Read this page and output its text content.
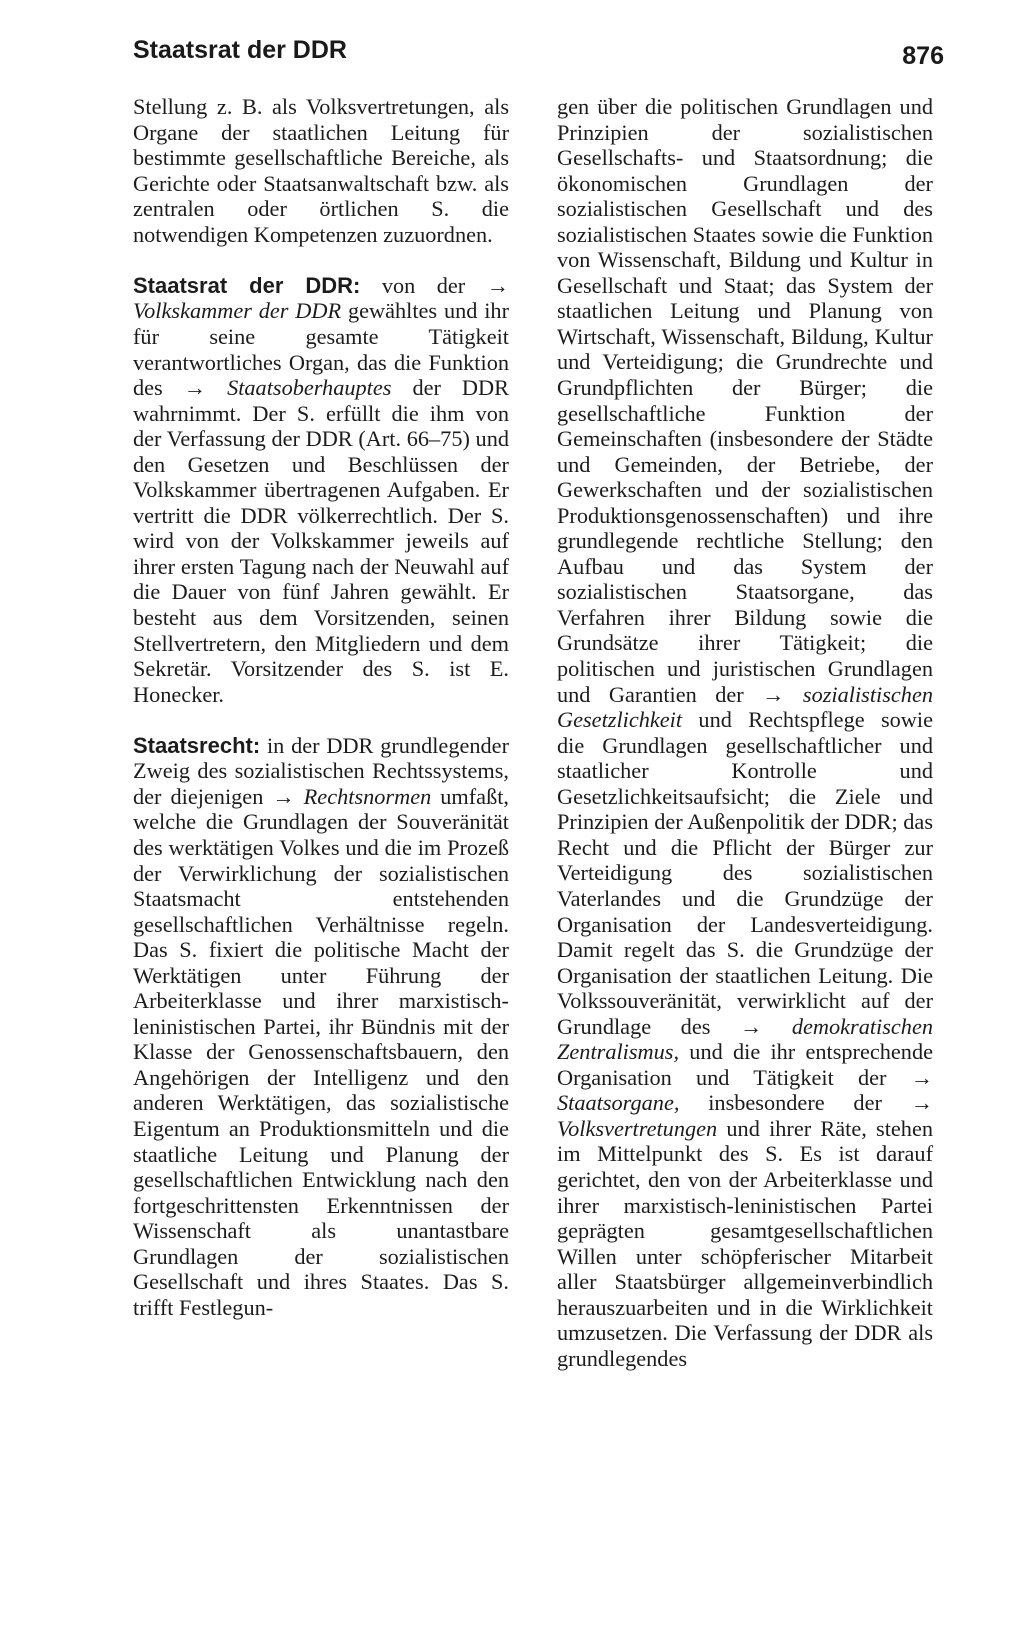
Staatsrat der DDR	876

Stellung z. B. als Volksvertretungen, als Organe der staatlichen Leitung für bestimmte gesellschaftliche Bereiche, als Gerichte oder Staatsanwaltschaft bzw. als zentralen oder örtlichen S. die notwendigen Kompetenzen zuzuordnen.

Staatsrat der DDR: von der → Volkskammer der DDR gewähltes und ihr für seine gesamte Tätigkeit verantwortliches Organ, das die Funktion des → Staatsoberhauptes der DDR wahrnimmt. Der S. erfüllt die ihm von der Verfassung der DDR (Art. 66–75) und den Gesetzen und Beschlüssen der Volkskammer übertragenen Aufgaben. Er vertritt die DDR völkerrechtlich. Der S. wird von der Volkskammer jeweils auf ihrer ersten Tagung nach der Neuwahl auf die Dauer von fünf Jahren gewählt. Er besteht aus dem Vorsitzenden, seinen Stellvertretern, den Mitgliedern und dem Sekretär. Vorsitzender des S. ist E. Honecker.

Staatsrecht: in der DDR grundlegender Zweig des sozialistischen Rechtssystems, der diejenigen → Rechtsnormen umfaßt, welche die Grundlagen der Souveränität des werktätigen Volkes und die im Prozeß der Verwirklichung der sozialistischen Staatsmacht entstehenden gesellschaftlichen Verhältnisse regeln. Das S. fixiert die politische Macht der Werktätigen unter Führung der Arbeiterklasse und ihrer marxistisch-leninistischen Partei, ihr Bündnis mit der Klasse der Genossenschaftsbauern, den Angehörigen der Intelligenz und den anderen Werktätigen, das sozialistische Eigentum an Produktionsmitteln und die staatliche Leitung und Planung der gesellschaftlichen Entwicklung nach den fortgeschrittensten Erkenntnissen der Wissenschaft als unantastbare Grundlagen der sozialistischen Gesellschaft und ihres Staates. Das S. trifft Festlegun-

gen über die politischen Grundlagen und Prinzipien der sozialistischen Gesellschafts- und Staatsordnung; die ökonomischen Grundlagen der sozialistischen Gesellschaft und des sozialistischen Staates sowie die Funktion von Wissenschaft, Bildung und Kultur in Gesellschaft und Staat; das System der staatlichen Leitung und Planung von Wirtschaft, Wissenschaft, Bildung, Kultur und Verteidigung; die Grundrechte und Grundpflichten der Bürger; die gesellschaftliche Funktion der Gemeinschaften (insbesondere der Städte und Gemeinden, der Betriebe, der Gewerkschaften und der sozialistischen Produktionsgenossenschaften) und ihre grundlegende rechtliche Stellung; den Aufbau und das System der sozialistischen Staatsorgane, das Verfahren ihrer Bildung sowie die Grundsätze ihrer Tätigkeit; die politischen und juristischen Grundlagen und Garantien der → sozialistischen Gesetzlichkeit und Rechtspflege sowie die Grundlagen gesellschaftlicher und staatlicher Kontrolle und Gesetzlichkeitsaufsicht; die Ziele und Prinzipien der Außenpolitik der DDR; das Recht und die Pflicht der Bürger zur Verteidigung des sozialistischen Vaterlandes und die Grundzüge der Organisation der Landesverteidigung. Damit regelt das S. die Grundzüge der Organisation der staatlichen Leitung. Die Volkssouveränität, verwirklicht auf der Grundlage des → demokratischen Zentralismus, und die ihr entsprechende Organisation und Tätigkeit der → Staatsorgane, insbesondere der → Volksvertretungen und ihrer Räte, stehen im Mittelpunkt des S. Es ist darauf gerichtet, den von der Arbeiterklasse und ihrer marxistisch-leninistischen Partei geprägten gesamtgesellschaftlichen Willen unter schöpferischer Mitarbeit aller Staatsbürger allgemeinverbindlich herauszuarbeiten und in die Wirklichkeit umzusetzen. Die Verfassung der DDR als grundlegendes
